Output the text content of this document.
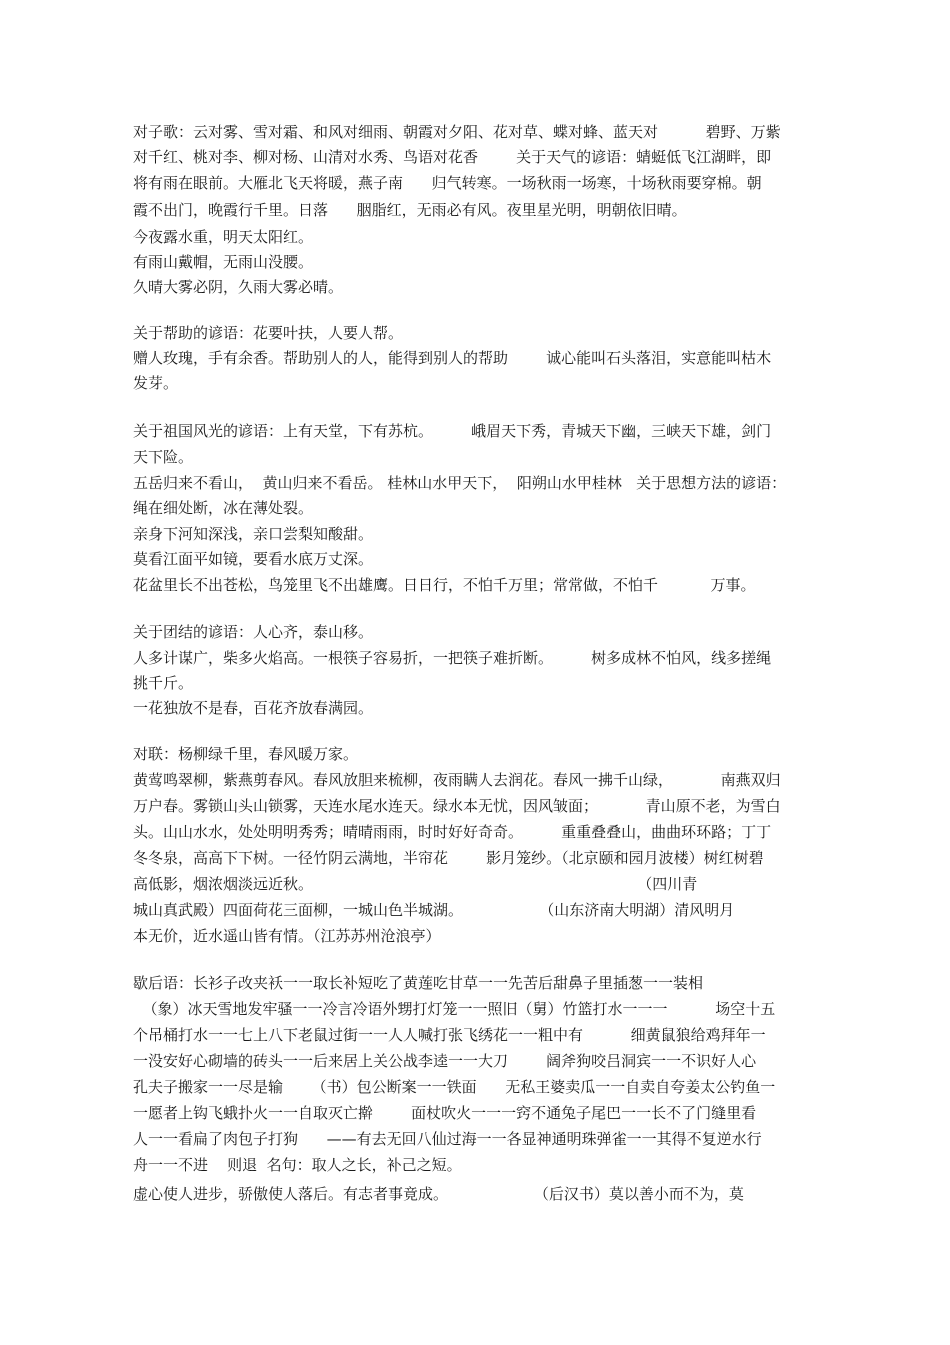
对子歌：云对雾、雪对霜、和风对细雨、朝霞对夕阳、花对草、蝶对蜂、蓝天对          碧野、万紫
对千红、桃对李、柳对杨、山清对水秀、鸟语对花香        关于天气的谚语：蜻蜓低飞江湖畔，即
将有雨在眼前。大雁北飞天将暖，燕子南      归气转寒。一场秋雨一场寒，十场秋雨要穿棉。朝
霞不出门，晚霞行千里。日落      胭脂红，无雨必有风。夜里星光明，明朝依旧晴。
今夜露水重，明天太阳红。
有雨山戴帽，无雨山没腰。
久晴大雾必阴，久雨大雾必晴。
关于帮助的谚语：花要叶扶，人要人帮。
赠人玫瑰，手有余香。帮助别人的人，能得到别人的帮助        诚心能叫石头落泪，实意能叫枯木
发芽。
关于祖国风光的谚语：上有天堂，下有苏杭。        峨眉天下秀，青城天下幽，三峡天下雄，剑门
天下险。
五岳归来不看山，  黄山归来不看岳。 桂林山水甲天下，  阳朔山水甲桂林   关于思想方法的谚语：
绳在细处断，冰在薄处裂。
亲身下河知深浅，亲口尝梨知酸甜。
莫看江面平如镜，要看水底万丈深。
花盆里长不出苍松，鸟笼里飞不出雄鹰。日日行，不怕千万里；常常做，不怕千           万事。
关于团结的谚语：人心齐，泰山移。
人多计谋广，柴多火焰高。一根筷子容易折，一把筷子难折断。        树多成林不怕风，线多搓绳
挑千斤。
一花独放不是春，百花齐放春满园。
对联：杨柳绿千里，春风暖万家。
黄莺鸣翠柳，紫燕剪春风。春风放胆来梳柳，夜雨瞒人去润花。春风一拂千山绿，          南燕双归
万户春。雾锁山头山锁雾，天连水尾水连天。绿水本无忧，因风皱面；          青山原不老，为雪白
头。山山水水，处处明明秀秀；晴晴雨雨，时时好好奇奇。        重重叠叠山，曲曲环环路；丁丁
冬冬泉，高高下下树。一径竹阴云满地，半帘花        影月笼纱。（北京颐和园月波楼）树红树碧
高低影，烟浓烟淡远近秋。                                                                    （四川青
城山真武殿）四面荷花三面柳，一城山色半城湖。                （山东济南大明湖）清风明月
本无价，近水遥山皆有情。（江苏苏州沧浪亭）
歇后语：长衫子改夹袄一一取长补短吃了黄莲吃甘草一一先苦后甜鼻子里插葱一一装相
（象）冰天雪地发牢骚一一冷言冷语外甥打灯笼一一照旧（舅）竹篮打水一一一          场空十五
个吊桶打水一一七上八下老鼠过街一一人人喊打张飞绣花一一粗中有          细黄鼠狼给鸡拜年一
一没安好心砌墙的砖头一一后来居上关公战李逵一一大刀        阔斧狗咬吕洞宾一一不识好人心
孔夫子搬家一一尽是输      （书）包公断案一一铁面      无私王婆卖瓜一一自卖自夸姜太公钓鱼一
一愿者上钩飞蛾扑火一一自取灭亡擀        面杖吹火一一一窍不通兔子尾巴一一长不了门缝里看
人一一看扁了肉包子打狗      ——有去无回八仙过海一一各显神通明珠弹雀一一其得不复逆水行
舟一一不进    则退  名句：取人之长，补己之短。
虚心使人进步，骄傲使人落后。有志者事竟成。                  （后汉书）莫以善小而不为，莫
